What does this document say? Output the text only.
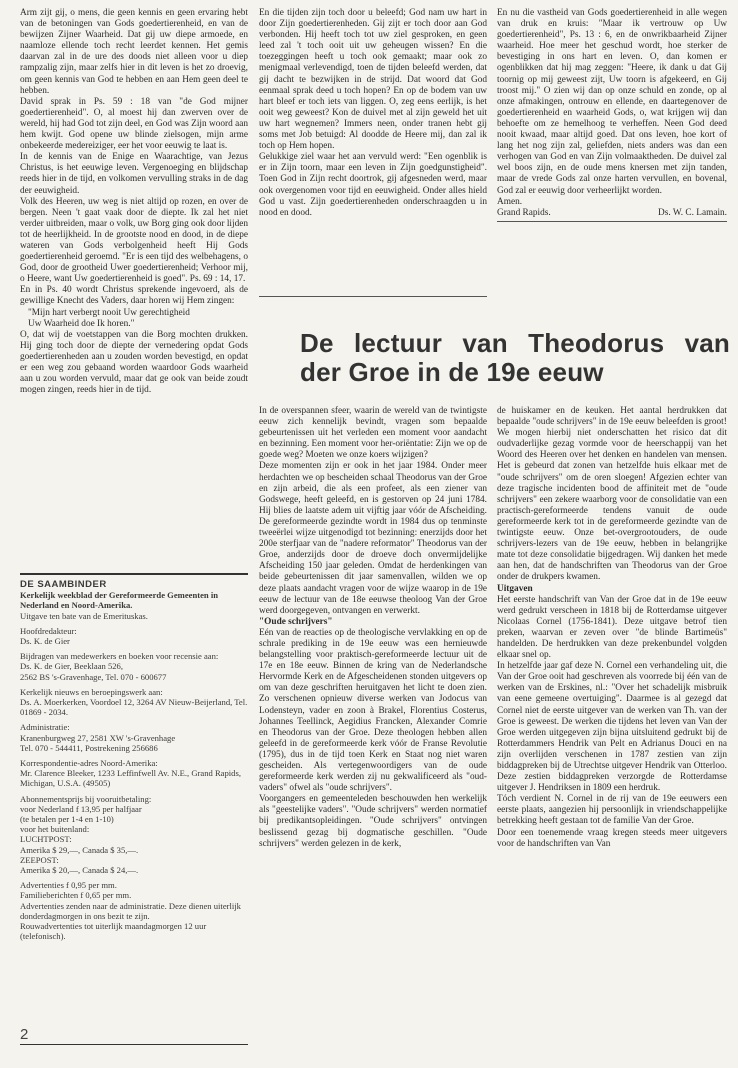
Arm zijt gij, o mens, die geen kennis en geen ervaring hebt van de betoningen van Gods goedertierenheid, en van de bewijzen Zijner Waarheid. Dat gij uw diepe armoede, en naamloze ellende toch recht leerdet kennen. Het gemis daarvan zal in de ure des doods niet alleen voor u diep rampzalig zijn, maar zelfs hier in dit leven is het zo droevig, om geen kennis van God te hebben en aan Hem geen deel te hebben.

David sprak in Ps. 59 : 18 van "de God mijner goedertierenheid". O, al moest hij dan zwerven over de wereld, hij had God tot zijn deel, en God was Zijn woord aan hem kwijt. God opene uw blinde zielsogen, mijn arme onbekeerde medereiziger, eer het voor eeuwig te laat is.

In de kennis van de Enige en Waarachtige, van Jezus Christus, is het eeuwige leven. Vergenoeging en blijdschap reeds hier in de tijd, en volkomen vervulling straks in de dag der eeuwigheid.

Volk des Heeren, uw weg is niet altijd op rozen, en over de bergen. Neen 't gaat vaak door de diepte. Ik zal het niet verder uitbreiden, maar o volk, uw Borg ging ook door lijden tot de heerlijkheid. In de grootste nood en dood, in de diepe wateren van Gods verbolgenheid heeft Hij Gods goedertierenheid geroemd. "Er is een tijd des welbehagens, o God, door de grootheid Uwer goedertierenheid; Verhoor mij, o Heere, want Uw goedertierenheid is goed". Ps. 69 : 14, 17.

En in Ps. 40 wordt Christus sprekende ingevoerd, als de gewillige Knecht des Vaders, daar horen wij Hem zingen:

"Mijn hart verbergt nooit Uw gerechtigheid

Uw Waarheid doe Ik horen."

O, dat wij de voetstappen van die Borg mochten drukken. Hij ging toch door de diepte der vernedering opdat Gods goedertierenheden aan u zouden worden bevestigd, en opdat er een weg zou gebaand worden waardoor Gods waarheid aan u zou worden vervuld, maar dat ge ook van beide zoudt mogen zingen, reeds hier in de tijd.

En die tijden zijn toch door u beleefd; God nam uw hart in door Zijn goedertierenheden. Gij zijt er toch door aan God verbonden. Hij heeft toch tot uw ziel gesproken, en geen leed zal 't toch ooit uit uw geheugen wissen? En die toezeggingen heeft u toch ook gemaakt; maar ook zo menigmaal verlevendigd, toen de tijden beleefd werden, dat gij dacht te bezwijken in de strijd. Dat woord dat God eenmaal sprak deed u toch hopen? En op de bodem van uw hart bleef er toch iets van liggen. O, zeg eens eerlijk, is het ooit weg geweest? Kon de duivel met al zijn geweld het uit uw hart wegnemen? Immers neen, onder tranen hebt gij soms met Job betuigd: Al doodde de Heere mij, dan zal ik toch op Hem hopen.

Gelukkige ziel waar het aan vervuld werd: "Een ogenblik is er in Zijn toorn, maar een leven in Zijn goedgunstigheid". Toen God in Zijn recht doortrok, gij afgesneden werd, maar ook overgenomen voor tijd en eeuwigheid. Onder alles hield God u vast. Zijn goedertierenheden onderschraagden u in nood en dood.

En nu die vastheid van Gods goedertierenheid in alle wegen van druk en kruis: "Maar ik vertrouw op Uw goedertierenheid", Ps. 13 : 6, en de onwrikbaarheid Zijner waarheid. Hoe meer het geschud wordt, hoe sterker de bevestiging in ons hart en leven. O, dan komen er ogenblikken dat hij mag zeggen: "Heere, ik dank u dat Gij toornig op mij geweest zijt, Uw toorn is afgekeerd, en Gij troost mij." O zien wij dan op onze schuld en zonde, op al onze afmakingen, ontrouw en ellende, en daartegenover de goedertierenheid en waarheid Gods, o, wat krijgen wij dan behoefte om ze hemelhoog te verheffen. Neen God deed nooit kwaad, maar altijd goed. Dat ons leven, hoe kort of lang het nog zijn zal, geliefden, niets anders was dan een verhogen van God en van Zijn volmaaktheden. De duivel zal wel boos zijn, en de oude mens knersen met zijn tanden, maar de vrede Gods zal onze harten vervullen, en bovenal, God zal er eeuwig door verheerlijkt worden.

Amen.

Grand Rapids.	Ds. W. C. Lamain.
De lectuur van Theodorus van
der Groe in de 19e eeuw

In de overspannen sfeer, waarin de wereld van de twintigste eeuw zich kennelijk bevindt, vragen som bepaalde gebeurtenissen uit het verleden een moment voor aandacht en bezinning. Een moment voor her-oriëntatie: Zijn we op de goede weg? Moeten we onze koers wijzigen?

Deze momenten zijn er ook in het jaar 1984. Onder meer herdachten we op bescheiden schaal Theodorus van der Groe en zijn arbeid, die als een profeet, als een ziener van Godswege, heeft geleefd, en is gestorven op 24 juni 1784. Hij blies de laatste adem uit vijftig jaar vóór de Afscheiding. De gereformeerde gezindte wordt in 1984 dus op tenminste tweeërlei wijze uitgenodigd tot bezinning: enerzijds door het 200e sterfjaar van de "nadere reformator" Theodorus van der Groe, anderzijds door de droeve doch onvermijdelijke Afscheiding 150 jaar geleden. Omdat de herdenkingen van beide gebeurtenissen dit jaar samenvallen, wilden we op deze plaats aandacht vragen voor de wijze waarop in de 19e eeuw de lectuur van de 18e eeuwse theoloog Van der Groe werd doorgegeven, ontvangen en verwerkt.

"Oude schrijvers"

Eén van de reacties op de theologische vervlakking en op de schrale prediking in de 19e eeuw was een hernieuwde belangstelling voor praktisch-gereformeerde lectuur uit de 17e en 18e eeuw. Binnen de kring van de Nederlandsche Hervormde Kerk en de Afgescheidenen stonden uitgevers op om van deze geschriften heruitgaven het licht te doen zien. Zo verschenen opnieuw diverse werken van Jodocus van Lodensteyn, vader en zoon à Brakel, Florentius Costerus, Johannes Teellinck, Aegidius Francken, Alexander Comrie en Theodorus van der Groe. Deze theologen hebben allen geleefd in de gereformeerde kerk vóór de Franse Revolutie (1795), dus in de tijd toen Kerk en Staat nog niet waren gescheiden. Als vertegenwoordigers van de oude gereformeerde kerk werden zij nu gekwalificeerd als "oud-vaders" ofwel als "oude schrijvers".

Voorgangers en gemeenteleden beschouwden hen werkelijk als "geestelijke vaders". "Oude schrijvers" werden normatief bij predikantsopleidingen. "Oude schrijvers" ontvingen beslissend gezag bij dogmatische geschillen. "Oude schrijvers" werden gelezen in de kerk,

de huiskamer en de keuken. Het aantal herdrukken dat bepaalde "oude schrijvers" in de 19e eeuw beleefden is groot!

We mogen hierbij niet onderschatten het risico dat dit oudvaderlijke gezag vormde voor de heerschappij van het Woord des Heeren over het denken en handelen van mensen. Het is gebeurd dat zonen van hetzelfde huis elkaar met de "oude schrijvers" om de oren sloegen! Afgezien echter van deze tragische incidenten bood de affiniteit met de "oude schrijvers" een zekere waarborg voor de consolidatie van een practisch-gereformeerde tendens vanuit de oude gereformeerde kerk tot in de gereformeerde gezindte van de twintigste eeuw. Onze bet-overgrootouders, de oude schrijvers-lezers van de 19e eeuw, hebben in belangrijke mate tot deze consolidatie bijgedragen. Wij danken het mede aan hen, dat de handschriften van Theodorus van der Groe onder de drukpers kwamen.

Uitgaven

Het eerste handschrift van Van der Groe dat in de 19e eeuw werd gedrukt verscheen in 1818 bij de Rotterdamse uitgever Nicolaas Cornel (1756-1841). Deze uitgave betrof tien preken, waarvan er zeven over "de blinde Bartimeüs" handelden. De herdrukken van deze prekenbundel volgden elkaar snel op.

In hetzelfde jaar gaf deze N. Cornel een verhandeling uit, die Van der Groe ooit had geschreven als voorrede bij één van de werken van de Erskines, nl.: "Over het schadelijk misbruik van eene gemeene overtuiging". Daarmee is al gezegd dat Cornel niet de eerste uitgever van de werken van Th. van der Groe is geweest. De werken die tijdens het leven van Van der Groe werden uitgegeven zijn bijna uitsluitend gedrukt bij de Rotterdammers Hendrik van Pelt en Adrianus Douci en na zijn overlijden verschenen in 1787 zestien van zijn biddagpreken bij de Utrechtse uitgever Hendrik van Otterloo. Deze zestien biddagpreken verzorgde de Rotterdamse uitgever J. Hendriksen in 1809 een herdruk.

Tóch verdient N. Cornel in de rij van de 19e eeuwers een eerste plaats, aangezien hij persoonlijk in vriendschappelijke betrekking heeft gestaan tot de familie Van der Groe.

Door een toenemende vraag kregen steeds meer uitgevers voor de handschriften van Van

DE SAAMBINDER
Kerkelijk weekblad der Gereformeerde Gemeenten in Nederland en Noord-Amerika.
Uitgave ten bate van de Emerituskas.
Hoofdredakteur:
Ds. K. de Gier
Bijdragen van medewerkers en boeken voor recensie aan:
Ds. K. de Gier, Beeklaan 526,
2562 BS 's-Gravenhage, Tel. 070 - 600677
Kerkelijk nieuws en beroepingswerk aan:
Ds. A. Moerkerken, Voordoel 12, 3264 AV Nieuw-Beijerland, Tel. 01869 - 2034.
Administratie:
Kranenburgweg 27, 2581 XW 's-Gravenhage
Tel. 070 - 544411, Postrekening 256686
Korrespondentie-adres Noord-Amerika:
Mr. Clarence Bleeker, 1233 Leffinfwell Av. N.E., Grand Rapids, Michigan, U.S.A. (49505)
Abonnementsprijs bij vooruitbetaling:
voor Nederland f 13,95 per halfjaar
(te betalen per 1-4 en 1-10)
voor het buitenland:
LUCHTPOST:
Amerika $ 29,—, Canada $ 35,—.
ZEEPOST:
Amerika $ 20,—, Canada $ 24,—.
Advertenties f 0,95 per mm.
Familieberichten f 0,65 per mm.
Advertenties zenden naar de administratie. Deze dienen uiterlijk donderdagmorgen in ons bezit te zijn.
Rouwadvertenties tot uiterlijk maandagmorgen 12 uur (telefonisch).
2
